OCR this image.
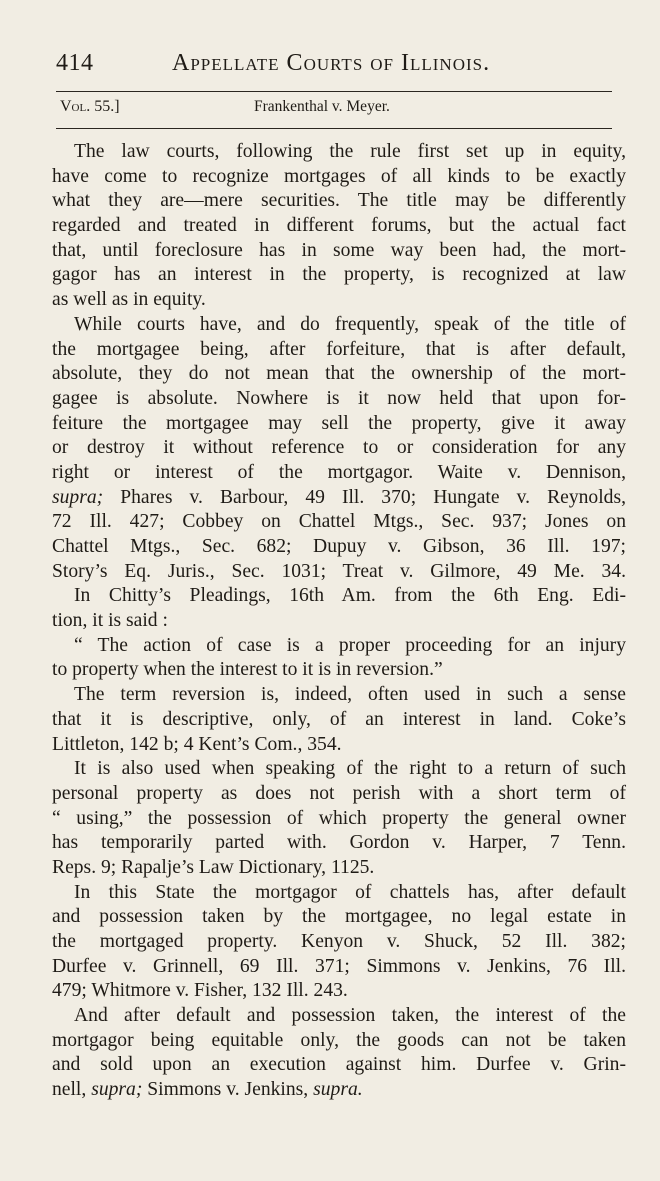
414	Appellate Courts of Illinois.
Vol. 55.]	Frankenthal v. Meyer.
The law courts, following the rule first set up in equity,
have come to recognize mortgages of all kinds to be exactly
what they are—mere securities. The title may be differently
regarded and treated in different forums, but the actual fact
that, until foreclosure has in some way been had, the mort-
gagor has an interest in the property, is recognized at law
as well as in equity.
While courts have, and do frequently, speak of the title of
the mortgagee being, after forfeiture, that is after default,
absolute, they do not mean that the ownership of the mort-
gagee is absolute. Nowhere is it now held that upon for-
feiture the mortgagee may sell the property, give it away
or destroy it without reference to or consideration for any
right or interest of the mortgagor. Waite v. Dennison,
supra; Phares v. Barbour, 49 Ill. 370; Hungate v. Reynolds,
72 Ill. 427; Cobbey on Chattel Mtgs., Sec. 937; Jones on
Chattel Mtgs., Sec. 682; Dupuy v. Gibson, 36 Ill. 197;
Story’s Eq. Juris., Sec. 1031; Treat v. Gilmore, 49 Me. 34.
In Chitty’s Pleadings, 16th Am. from the 6th Eng. Edi-
tion, it is said :
“ The action of case is a proper proceeding for an injury
to property when the interest to it is in reversion.”
The term reversion is, indeed, often used in such a sense
that it is descriptive, only, of an interest in land. Coke’s
Littleton, 142 b; 4 Kent’s Com., 354.
It is also used when speaking of the right to a return of such
personal property as does not perish with a short term of
“ using,” the possession of which property the general owner
has temporarily parted with. Gordon v. Harper, 7 Tenn.
Reps. 9; Rapalje’s Law Dictionary, 1125.
In this State the mortgagor of chattels has, after default
and possession taken by the mortgagee, no legal estate in
the mortgaged property. Kenyon v. Shuck, 52 Ill. 382;
Durfee v. Grinnell, 69 Ill. 371; Simmons v. Jenkins, 76 Ill.
479; Whitmore v. Fisher, 132 Ill. 243.
And after default and possession taken, the interest of the
mortgagor being equitable only, the goods can not be taken
and sold upon an execution against him. Durfee v. Grin-
nell, supra; Simmons v. Jenkins, supra.
